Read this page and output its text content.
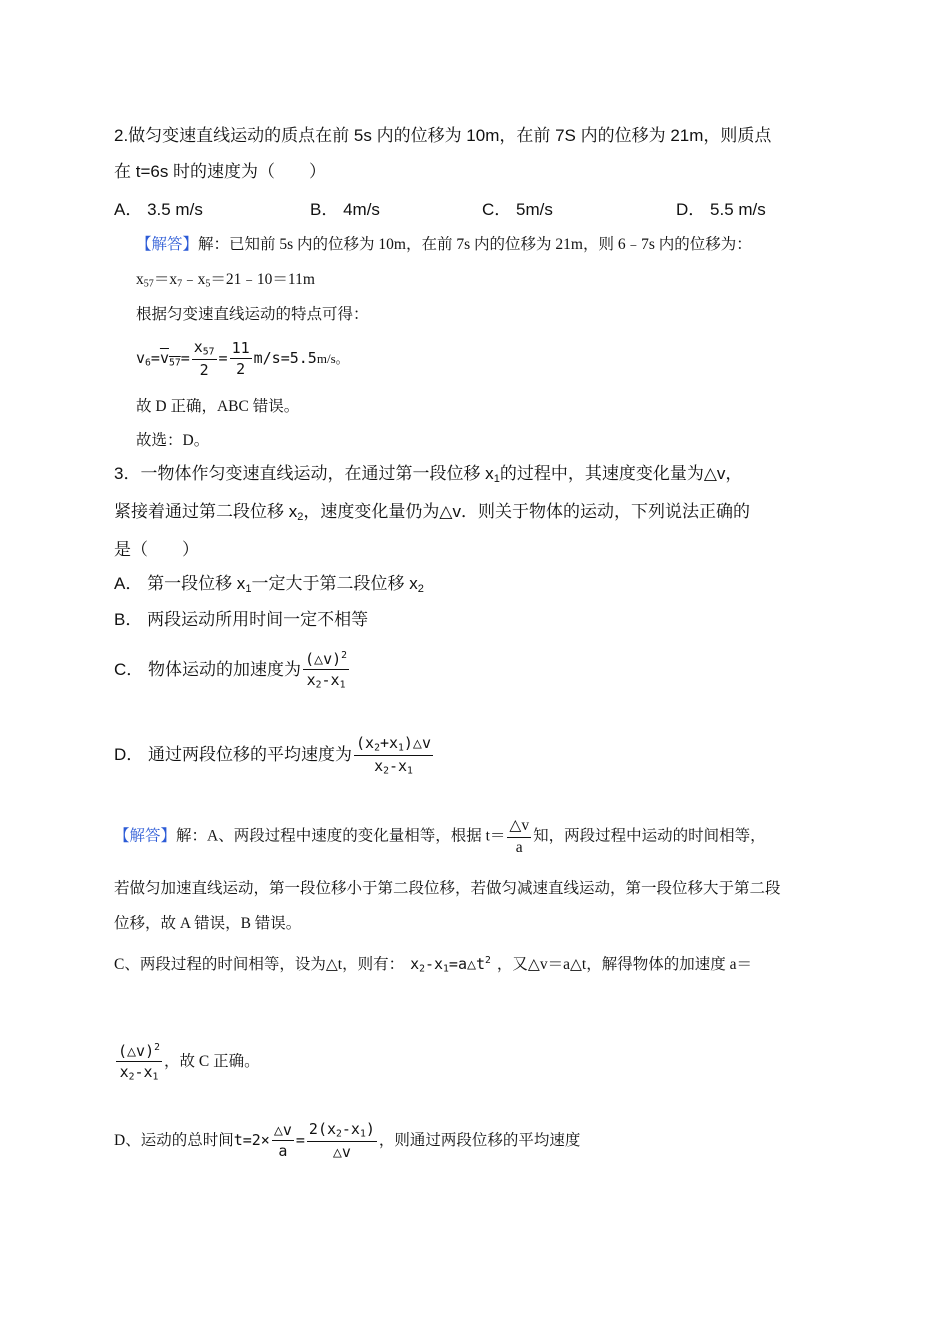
2.做匀变速直线运动的质点在前 5s 内的位移为 10m，在前 7S 内的位移为 21m，则质点
在 t=6s 时的速度为（　　）
A． 3.5 m/s	B． 4m/s	C． 5m/s	D． 5.5 m/s
【解答】解：已知前 5s 内的位移为 10m，在前 7s 内的位移为 21m，则 6﹣7s 内的位移为：
$x_{57}=x_7﹣x_5=21﹣10=11m$
根据匀变速直线运动的特点可得：
$v_6=v_{57}= \frac{x_{57}}{2} = \frac{11}{2} m/s=5.5m/s$。
故 D 正确，ABC 错误。
故选：D。
3．一物体作匀变速直线运动，在通过第一段位移 $x_1$的过程中，其速度变化量为△v，
紧接着通过第二段位移 $x_2$，速度变化量仍为△v．则关于物体的运动，下列说法正确的
是（　　）
A． 第一段位移 $x_1$一定大于第二段位移 $x_2$
B． 两段运动所用时间一定不相等
C． 物体运动的加速度为 $\frac{(\triangle v)^2}{x_2-x_1}$
D． 通过两段位移的平均速度为 $\frac{(x_2+x_1)\triangle v}{x_2-x_1}$
【解答】解：A、两段过程中速度的变化量相等，根据 $t= \frac{\triangle v}{a}$ 知，两段过程中运动的时间相等，
若做匀加速直线运动，第一段位移小于第二段位移，若做匀减速直线运动，第一段位移大于第二段
位移，故 A 错误，B 错误。
C、两段过程的时间相等，设为△t，则有： $x_2-x_1=a\triangle t^2$ ，又△v＝a△t，解得物体的加速度 a＝
$\frac{(\triangle v)^2}{x_2-x_1}$ ，故 C 正确。
D、运动的总时间$t=2\times \frac{\triangle v}{a} = \frac{2(x_2-x_1)}{\triangle v}$ ，则通过两段位移的平均速度
